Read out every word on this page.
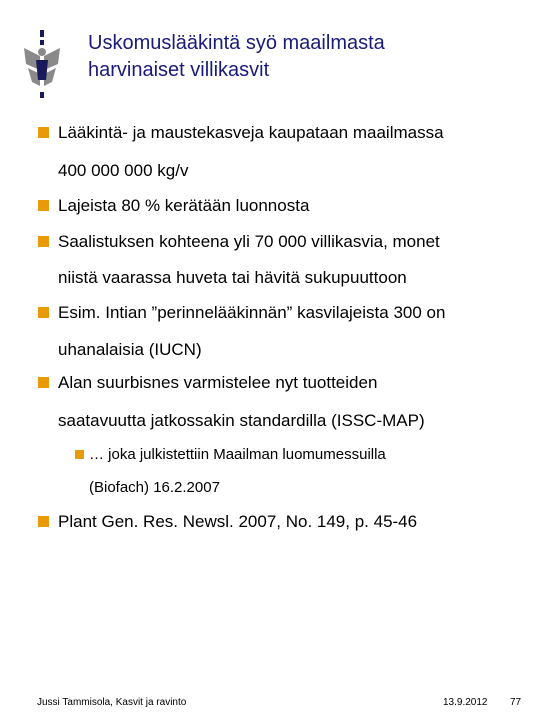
Uskomuslääkintä syö maailmasta
harvinaiset villikasvit
Lääkintä- ja maustekasveja kaupataan maailmassa
400 000 000 kg/v
Lajeista 80 % kerätään luonnosta
Saalistuksen kohteena yli 70 000 villikasvia, monet
niistä vaarassa huveta tai hävitä sukupuuttoon
Esim. Intian ”perinnelääkinnän” kasvilajeista 300 on
uhanalaisia (IUCN)
Alan suurbisnes varmistelee nyt tuotteiden
saatavuutta jatkossakin standardilla (ISSC-MAP)
… joka julkistettiin Maailman luomumessuilla
(Biofach) 16.2.2007
Plant Gen. Res. Newsl. 2007, No. 149, p. 45-46
Jussi Tammisola, Kasvit ja ravinto	13.9.2012 77
